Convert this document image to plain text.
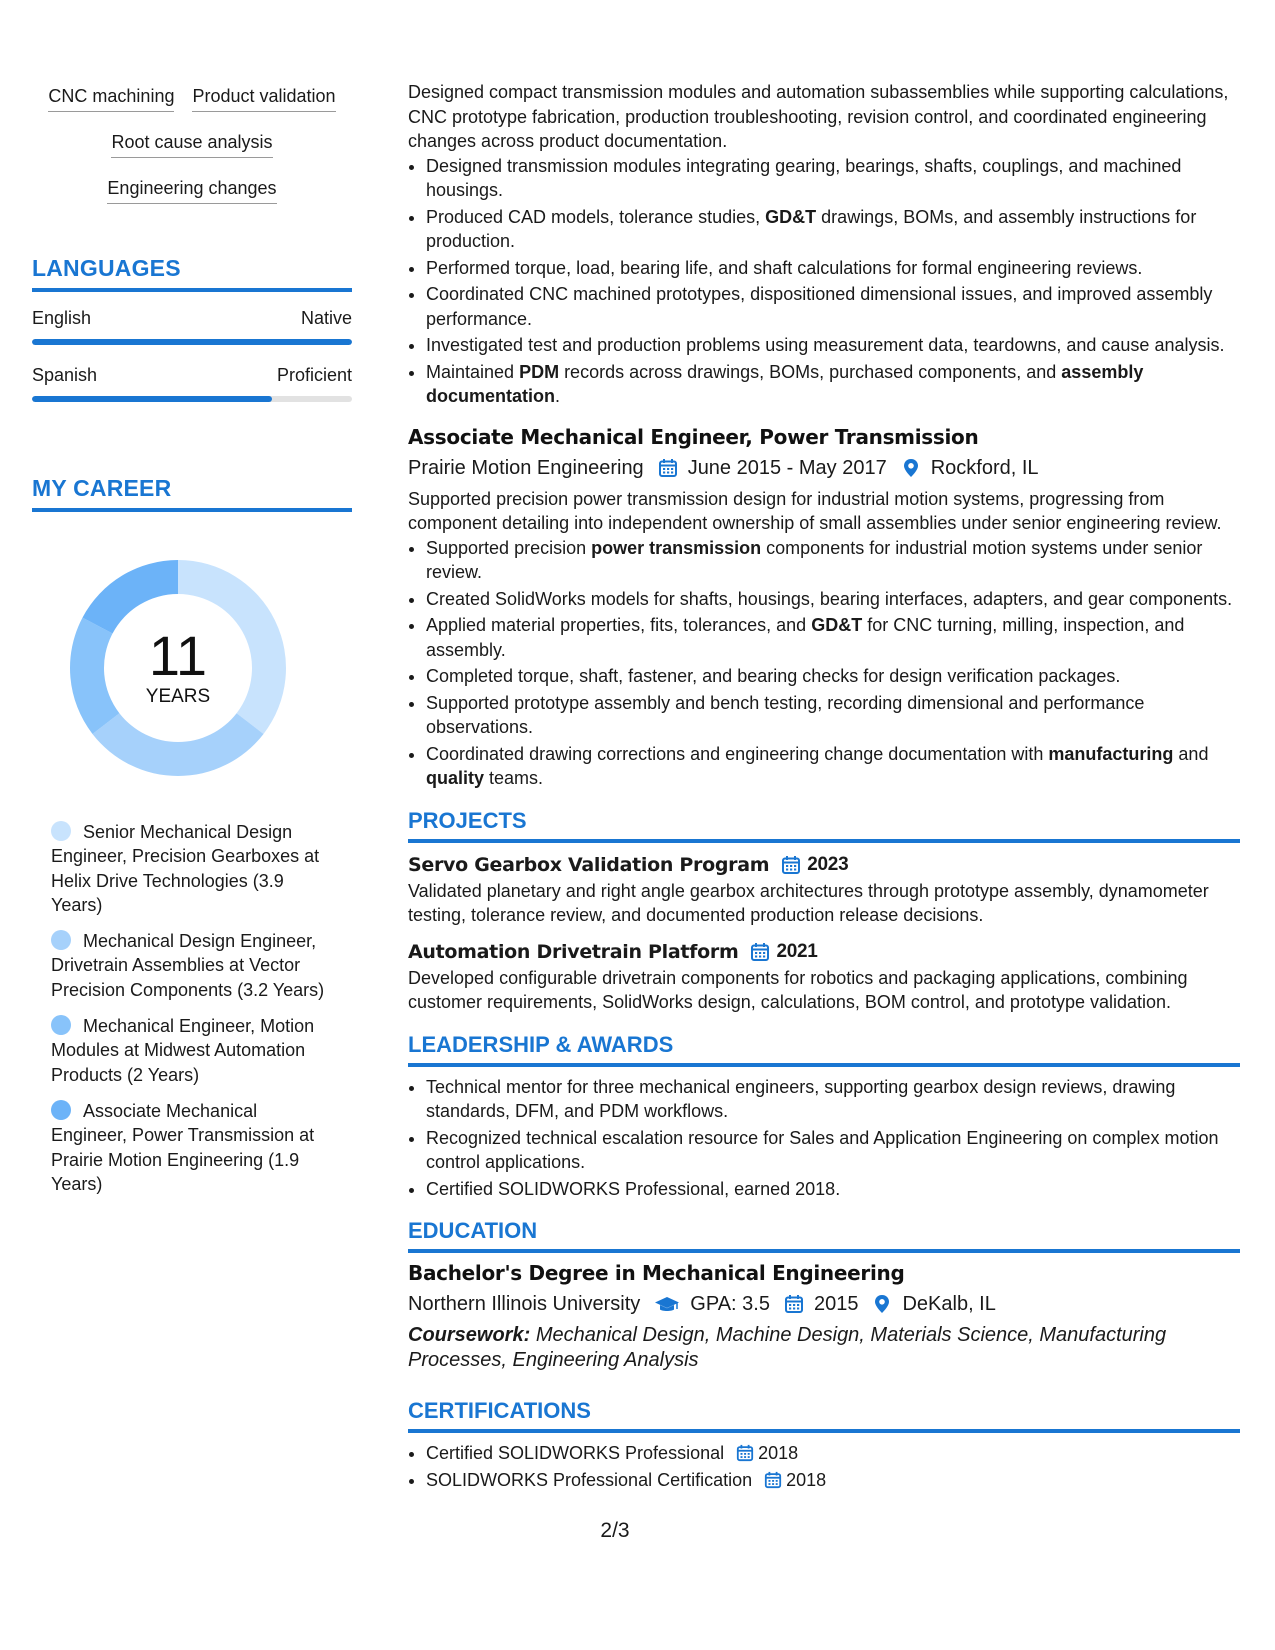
CNC machining Product validation
Root cause analysis
Engineering changes
LANGUAGES
English	Native
Spanish	Proficient
MY CAREER
11
YEARS
Senior Mechanical Design Engineer, Precision Gearboxes at Helix Drive Technologies (3.9 Years)
Mechanical Design Engineer, Drivetrain Assemblies at Vector Precision Components (3.2 Years)
Mechanical Engineer, Motion Modules at Midwest Automation Products (2 Years)
Associate Mechanical Engineer, Power Transmission at Prairie Motion Engineering (1.9 Years)

Designed compact transmission modules and automation subassemblies while supporting calculations, CNC prototype fabrication, production troubleshooting, revision control, and coordinated engineering changes across product documentation.

• Designed transmission modules integrating gearing, bearings, shafts, couplings, and machined housings.
• Produced CAD models, tolerance studies, GD&T drawings, BOMs, and assembly instructions for production.
• Performed torque, load, bearing life, and shaft calculations for formal engineering reviews.
• Coordinated CNC machined prototypes, dispositioned dimensional issues, and improved assembly performance.
• Investigated test and production problems using measurement data, teardowns, and cause analysis.
• Maintained PDM records across drawings, BOMs, purchased components, and assembly documentation.
Associate Mechanical Engineer, Power Transmission
Prairie Motion Engineering June 2015 - May 2017 Rockford, IL

Supported precision power transmission design for industrial motion systems, progressing from component detailing into independent ownership of small assemblies under senior engineering review.

• Supported precision power transmission components for industrial motion systems under senior review.
• Created SolidWorks models for shafts, housings, bearing interfaces, adapters, and gear components.
• Applied material properties, fits, tolerances, and GD&T for CNC turning, milling, inspection, and assembly.
• Completed torque, shaft, fastener, and bearing checks for design verification packages.
• Supported prototype assembly and bench testing, recording dimensional and performance observations.
• Coordinated drawing corrections and engineering change documentation with manufacturing and quality teams.
PROJECTS
Servo Gearbox Validation Program 2023

Validated planetary and right angle gearbox architectures through prototype assembly, dynamometer testing, tolerance review, and documented production release decisions.

Automation Drivetrain Platform 2021

Developed configurable drivetrain components for robotics and packaging applications, combining customer requirements, SolidWorks design, calculations, BOM control, and prototype validation.

LEADERSHIP & AWARDS
• Technical mentor for three mechanical engineers, supporting gearbox design reviews, drawing standards, DFM, and PDM workflows.
• Recognized technical escalation resource for Sales and Application Engineering on complex motion control applications.
• Certified SOLIDWORKS Professional, earned 2018.
EDUCATION
Bachelor's Degree in Mechanical Engineering
Northern Illinois University	GPA: 3.5 2015 DeKalb, IL

Coursework: Mechanical Design, Machine Design, Materials Science, Manufacturing Processes, Engineering Analysis

CERTIFICATIONS
• Certified SOLIDWORKS Professional 2018
• SOLIDWORKS Professional Certification 2018
2/3
